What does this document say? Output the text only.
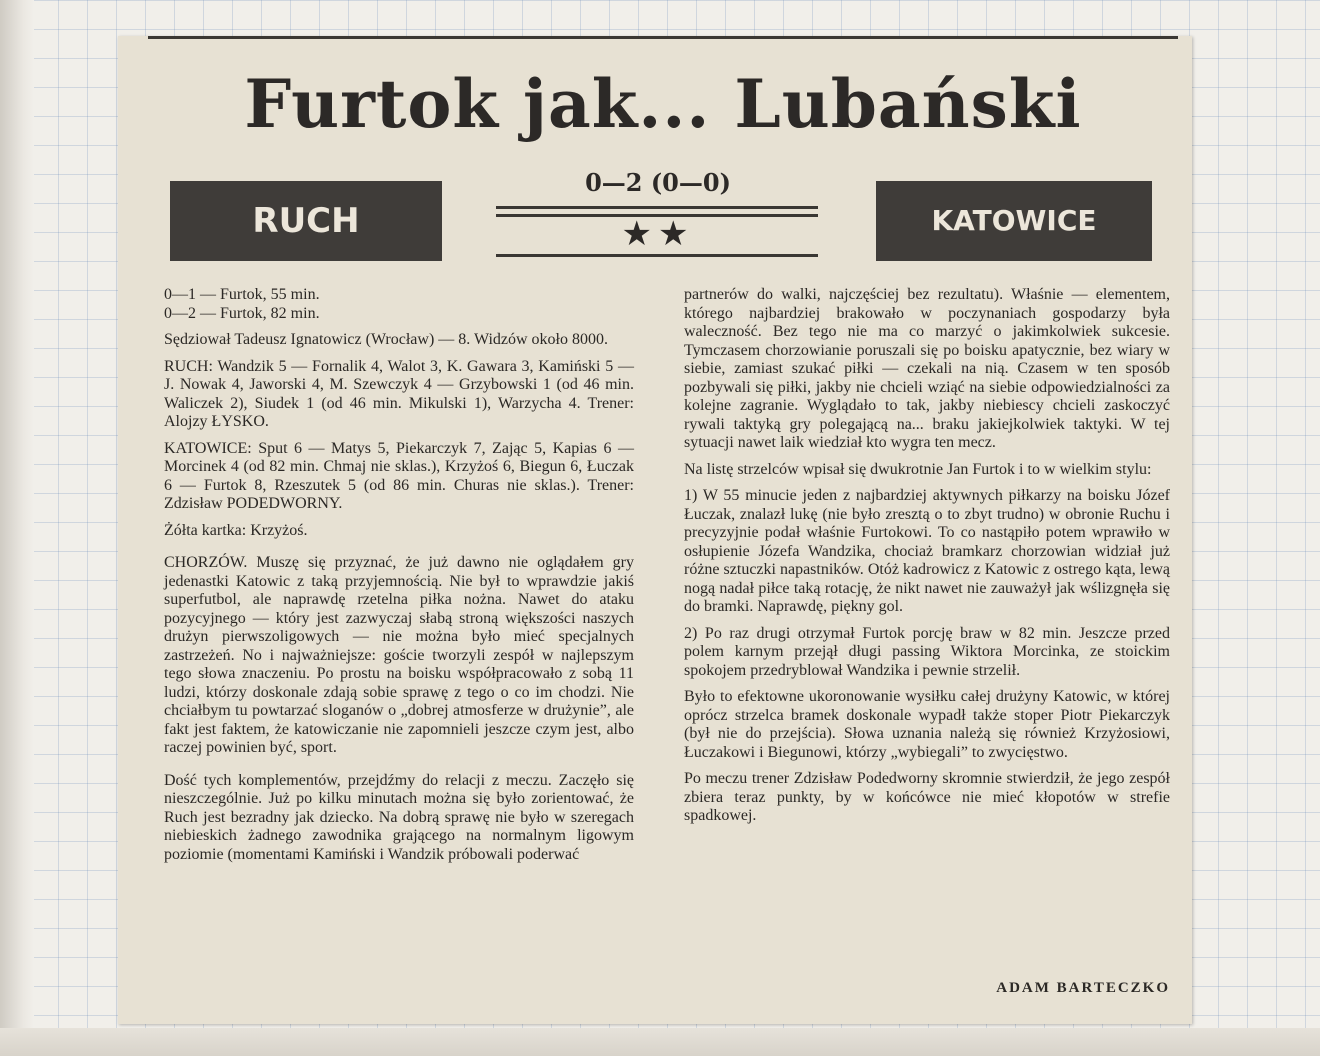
Furtok jak... Lubański
RUCH
0—2 (0—0)
★★	KATOWICE

0—1 — Furtok, 55 min.

0—2 — Furtok, 82 min.

Sędziował Tadeusz Ignatowicz (Wrocław) — 8. Widzów około 8000.

RUCH: Wandzik 5 — Fornalik 4, Walot 3, K. Gawara 3, Kamiński 5 — J. Nowak 4, Jaworski 4, M. Szewczyk 4 — Grzybowski 1 (od 46 min. Waliczek 2), Siudek 1 (od 46 min. Mikulski 1), Warzycha 4. Trener: Alojzy ŁYSKO.

KATOWICE: Sput 6 — Matys 5, Piekarczyk 7, Zając 5, Kapias 6 — Morcinek 4 (od 82 min. Chmaj nie sklas.), Krzyżoś 6, Biegun 6, Łuczak 6 — Furtok 8, Rzeszutek 5 (od 86 min. Churas nie sklas.). Trener: Zdzisław PODEDWORNY.

Żółta kartka: Krzyżoś.

CHORZÓW. Muszę się przyznać, że już dawno nie oglądałem gry jedenastki Katowic z taką przyjemnością. Nie był to wprawdzie jakiś superfutbol, ale naprawdę rzetelna piłka nożna. Nawet do ataku pozycyjnego — który jest zazwyczaj słabą stroną większości naszych drużyn pierwszoligowych — nie można było mieć specjalnych zastrzeżeń. No i najważniejsze: goście tworzyli zespół w najlepszym tego słowa znaczeniu. Po prostu na boisku współpracowało z sobą 11 ludzi, którzy doskonale zdają sobie sprawę z tego o co im chodzi. Nie chciałbym tu powtarzać sloganów o „dobrej atmosferze w drużynie”, ale fakt jest faktem, że katowiczanie nie zapomnieli jeszcze czym jest, albo raczej powinien być, sport.

Dość tych komplementów, przejdźmy do relacji z meczu. Zaczęło się nieszczególnie. Już po kilku minutach można się było zorientować, że Ruch jest bezradny jak dziecko. Na dobrą sprawę nie było w szeregach niebieskich żadnego zawodnika grającego na normalnym ligowym poziomie (momentami Kamiński i Wandzik próbowali poderwać

partnerów do walki, najczęściej bez rezultatu). Właśnie — elementem, którego najbardziej brakowało w poczynaniach gospodarzy była waleczność. Bez tego nie ma co marzyć o jakimkolwiek sukcesie. Tymczasem chorzowianie poruszali się po boisku apatycznie, bez wiary w siebie, zamiast szukać piłki — czekali na nią. Czasem w ten sposób pozbywali się piłki, jakby nie chcieli wziąć na siebie odpowiedzialności za kolejne zagranie. Wyglądało to tak, jakby niebiescy chcieli zaskoczyć rywali taktyką gry polegającą na... braku jakiejkolwiek taktyki. W tej sytuacji nawet laik wiedział kto wygra ten mecz.

Na listę strzelców wpisał się dwukrotnie Jan Furtok i to w wielkim stylu:

1) W 55 minucie jeden z najbardziej aktywnych piłkarzy na boisku Józef Łuczak, znalazł lukę (nie było zresztą o to zbyt trudno) w obronie Ruchu i precyzyjnie podał właśnie Furtokowi. To co nastąpiło potem wprawiło w osłupienie Józefa Wandzika, chociaż bramkarz chorzowian widział już różne sztuczki napastników. Otóż kadrowicz z Katowic z ostrego kąta, lewą nogą nadał piłce taką rotację, że nikt nawet nie zauważył jak wślizgnęła się do bramki. Naprawdę, piękny gol.

2) Po raz drugi otrzymał Furtok porcję braw w 82 min. Jeszcze przed polem karnym przejął długi passing Wiktora Morcinka, ze stoickim spokojem przedryblował Wandzika i pewnie strzelił.

Było to efektowne ukoronowanie wysiłku całej drużyny Katowic, w której oprócz strzelca bramek doskonale wypadł także stoper Piotr Piekarczyk (był nie do przejścia). Słowa uznania należą się również Krzyżosiowi, Łuczakowi i Biegunowi, którzy „wybiegali” to zwycięstwo.

Po meczu trener Zdzisław Podedworny skromnie stwierdził, że jego zespół zbiera teraz punkty, by w końcówce nie mieć kłopotów w strefie spadkowej.

ADAM BARTECZKO
